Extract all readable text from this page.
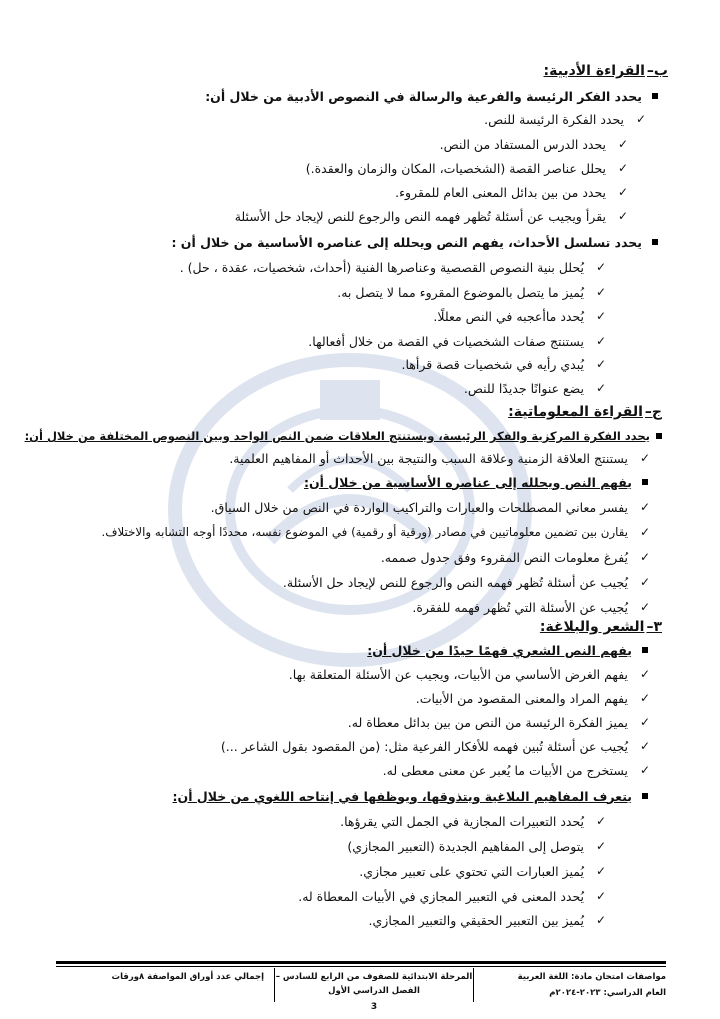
ب–
القراءة الأدبية:
يحدد الفكر الرئيسة والفرعية والرسالة في النصوص الأدبية من خلال أن:
✓
يحدد الفكرة الرئيسة للنص.
✓
يحدد الدرس المستفاد من النص.
✓
يحلل عناصر القصة (الشخصيات، المكان والزمان والعقدة.)
✓
يحدد من بين بدائل المعنى العام للمقروء.
✓
يقرأ ويجيب عن أسئلة تُظهر فهمه النص والرجوع للنص لإيجاد حل الأسئلة
يحدد تسلسل الأحداث، يفهم النص ويحلله إلى عناصره الأساسية من خلال أن :
✓
يُحلل بنية النصوص القصصية وعناصرها الفنية (أحداث، شخصيات، عقدة ، حل) .
✓
يُميز ما يتصل بالموضوع المقروء مما لا يتصل به.
✓
يُحدد ماأعجبه في النص معللًا.
✓
يستنتج صفات الشخصيات في القصة من خلال أفعالها.
✓
يُبدي رأيه في شخصيات قصة قرأها.
✓
يضع عنوانًا جديدًا للنص.
ج–
القراءة المعلوماتية:
يحدد الفكرة المركزية والفكر الرئيسة، ويستنتج العلاقات ضمن النص الواحد وبين النصوص المختلفة من خلال أن:
✓
يستنتج العلاقة الزمنية وعلاقة السبب والنتيجة بين الأحداث أو المفاهيم العلمية.
يفهم النص ويحلله إلى عناصره الأساسية من خلال أن:
✓
يفسر معاني المصطلحات والعبارات والتراكيب الواردة في النص من خلال السياق.
✓
يقارن بين تضمين معلوماتيين في مصادر (ورقية أو رقمية) في الموضوع نفسه، محددًا أوجه التشابه والاختلاف.
✓
يُفرغ معلومات النص المقروء وفق جدول صممه.
✓
يُجيب عن أسئلة تُظهر فهمه النص والرجوع للنص لإيجاد حل الأسئلة.
✓
يُجيب عن الأسئلة التي تُظهر فهمه للفقرة.
٣–
الشعر والبلاغة:
يفهم النص الشعري فهمًا جيدًا من خلال أن:
✓
يفهم الغرض الأساسي من الأبيات، ويجيب عن الأسئلة المتعلقة بها.
✓
يفهم المراد والمعنى المقصود من الأبيات.
✓
يميز الفكرة الرئيسة من النص من بين بدائل معطاة له.
✓
يُجيب عن أسئلة تُبين فهمه للأفكار الفرعية مثل: (من المقصود بقول الشاعر ...)
✓
يستخرج من الأبيات ما يُعبر عن معنى معطى له.
يتعرف المفاهيم البلاغية ويتذوقها، ويوظفها في إنتاجه اللغوي من خلال أن:
✓
يُحدد التعبيرات المجازية في الجمل التي يقرؤها.
✓
يتوصل إلى المفاهيم الجديدة (التعبير المجازي)
✓
يُميز العبارات التي تحتوي على تعبير مجازي.
✓
يُحدد المعنى في التعبير المجازي في الأبيات المعطاة له.
✓
يُميز بين التعبير الحقيقي والتعبير المجازي.
مواصفات امتحان مادة: اللغة العربية
العام الدراسي: ٢٠٢٣-٢٠٢٤م
المرحلة الابتدائية للصفوف من الرابع للسادس – الفصل الدراسي الأول
3
إجمالي عدد أوراق المواصفة ٨ورقات
